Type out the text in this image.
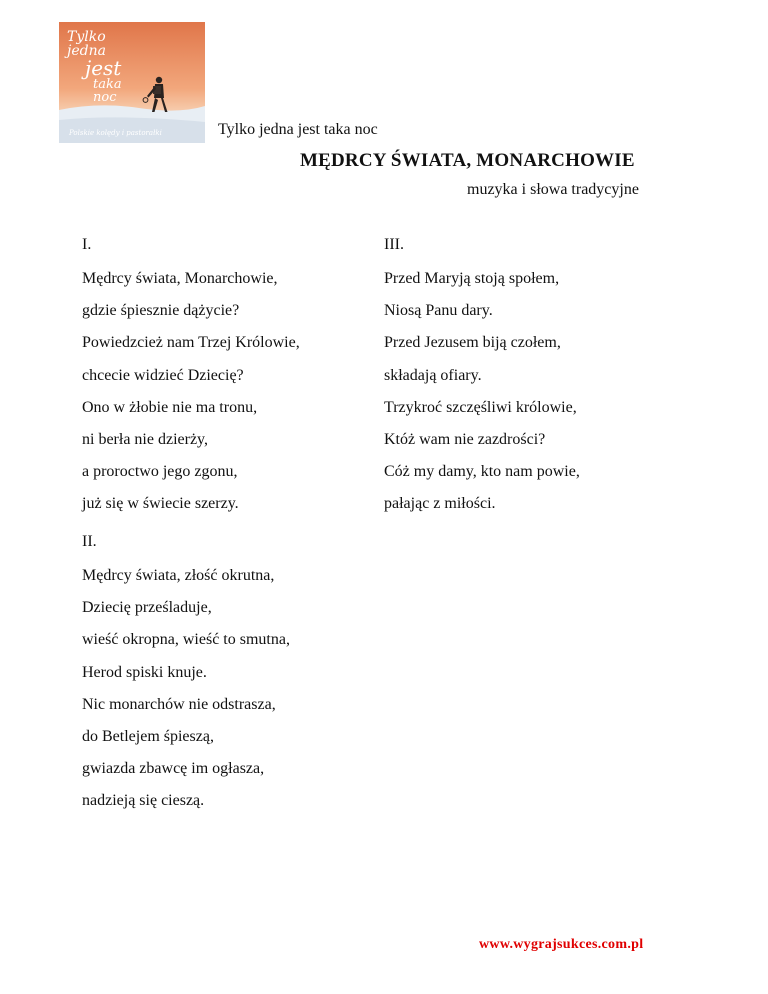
Tylko jedna
jest
taka noc
Polskie kolędy i pastorałki	Tylko jedna jest taka noc
MĘDRCY ŚWIATA, MONARCHOWIE
muzyka i słowa tradycyjne
I.
Mędrcy świata, Monarchowie,
gdzie śpiesznie dążycie?
Powiedzcież nam Trzej Królowie,
chcecie widzieć Dziecię?
Ono w żłobie nie ma tronu,
ni berła nie dzierży,
a proroctwo jego zgonu,
już się w świecie szerzy.
III.
Przed Maryją stoją społem,
Niosą Panu dary.
Przed Jezusem biją czołem,
składają ofiary.
Trzykroć szczęśliwi królowie,
Któż wam nie zazdrości?
Cóż my damy, kto nam powie,
pałając z miłości.
II.
Mędrcy świata, złość okrutna,
Dziecię prześladuje,
wieść okropna, wieść to smutna,
Herod spiski knuje.
Nic monarchów nie odstrasza,
do Betlejem śpieszą,
gwiazda zbawcę im ogłasza,
nadzieją się cieszą.
www.wygrajsukces.com.pl
